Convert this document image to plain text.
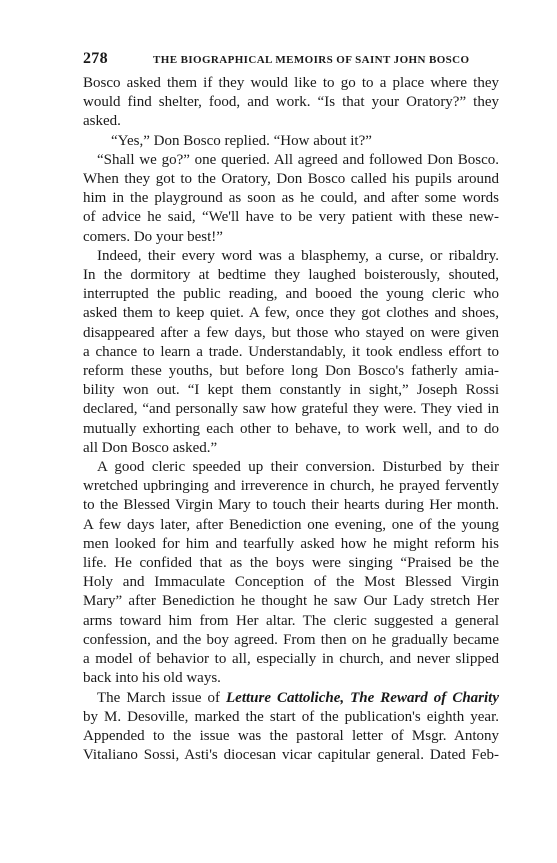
278	THE BIOGRAPHICAL MEMOIRS OF SAINT JOHN BOSCO

Bosco asked them if they would like to go to a place where they
would find shelter, food, and work. “Is that your Oratory?” they
asked.

“Yes,” Don Bosco replied. “How about it?”

“Shall we go?” one queried. All agreed and followed Don Bosco.
When they got to the Oratory, Don Bosco called his pupils around
him in the playground as soon as he could, and after some words
of advice he said, “We'll have to be very patient with these new-
comers. Do your best!”

Indeed, their every word was a blasphemy, a curse, or ribaldry.
In the dormitory at bedtime they laughed boisterously, shouted,
interrupted the public reading, and booed the young cleric who
asked them to keep quiet. A few, once they got clothes and shoes,
disappeared after a few days, but those who stayed on were given
a chance to learn a trade. Understandably, it took endless effort to
reform these youths, but before long Don Bosco's fatherly amia-
bility won out. “I kept them constantly in sight,” Joseph Rossi
declared, “and personally saw how grateful they were. They vied in
mutually exhorting each other to behave, to work well, and to do
all Don Bosco asked.”

A good cleric speeded up their conversion. Disturbed by their
wretched upbringing and irreverence in church, he prayed fervently
to the Blessed Virgin Mary to touch their hearts during Her month.
A few days later, after Benediction one evening, one of the young
men looked for him and tearfully asked how he might reform his
life. He confided that as the boys were singing “Praised be the
Holy and Immaculate Conception of the Most Blessed Virgin
Mary” after Benediction he thought he saw Our Lady stretch Her
arms toward him from Her altar. The cleric suggested a general
confession, and the boy agreed. From then on he gradually became
a model of behavior to all, especially in church, and never slipped
back into his old ways.

The March issue of Letture Cattoliche, The Reward of Charity
by M. Desoville, marked the start of the publication's eighth year.
Appended to the issue was the pastoral letter of Msgr. Antony
Vitaliano Sossi, Asti's diocesan vicar capitular general. Dated Feb-
